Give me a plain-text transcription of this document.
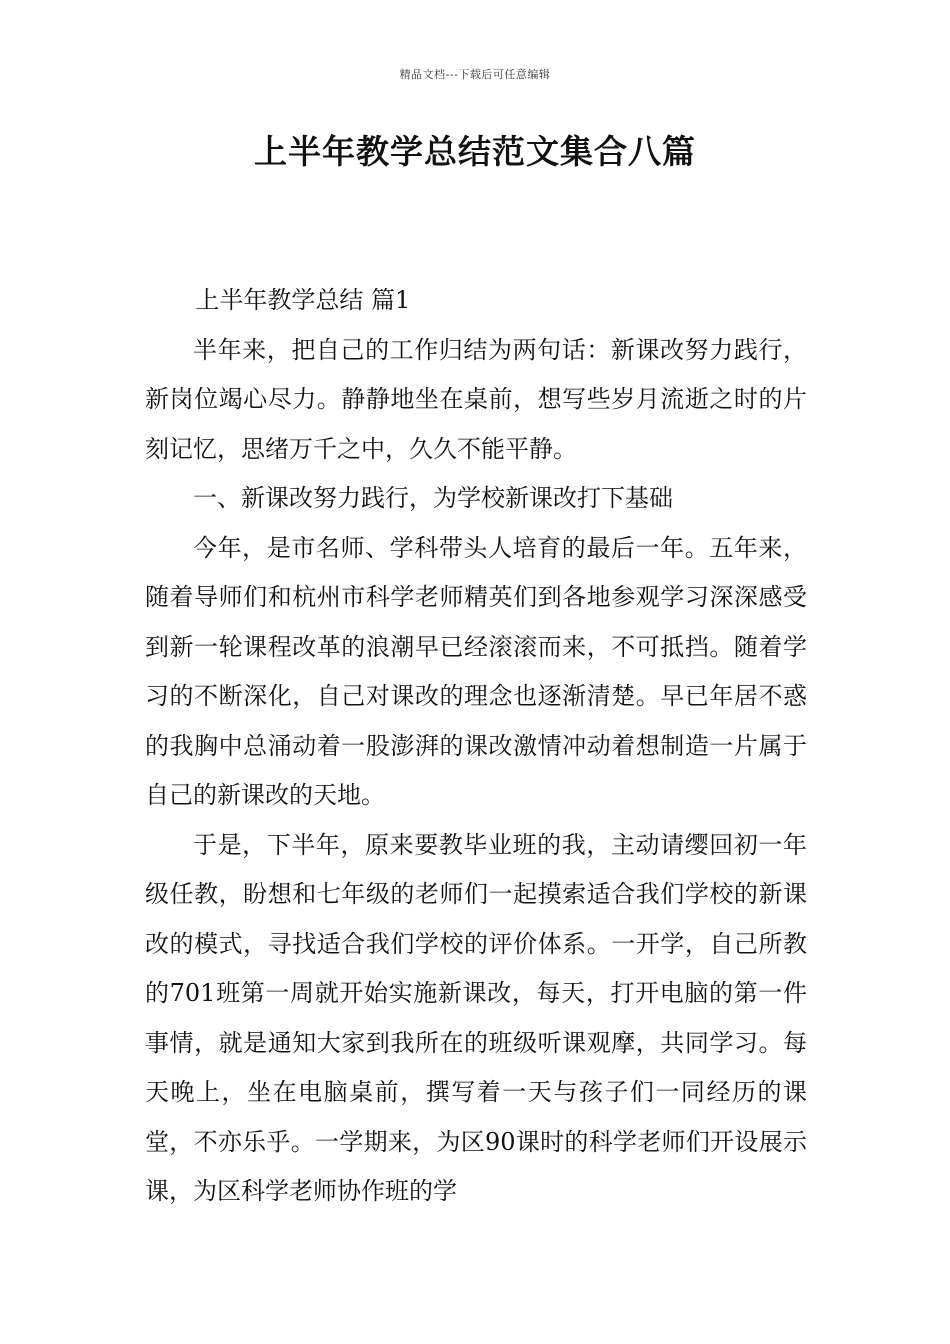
精品文档---下载后可任意编辑
上半年教学总结范文集合八篇

上半年教学总结 篇1

半年来，把自己的工作归结为两句话：新课改努力践行，新岗位竭心尽力。静静地坐在桌前，想写些岁月流逝之时的片刻记忆，思绪万千之中，久久不能平静。

一、新课改努力践行，为学校新课改打下基础

今年，是市名师、学科带头人培育的最后一年。五年来，随着导师们和杭州市科学老师精英们到各地参观学习深深感受到新一轮课程改革的浪潮早已经滚滚而来，不可抵挡。随着学习的不断深化，自己对课改的理念也逐渐清楚。早已年居不惑的我胸中总涌动着一股澎湃的课改激情冲动着想制造一片属于自己的新课改的天地。

于是，下半年，原来要教毕业班的我，主动请缨回初一年级任教，盼想和七年级的老师们一起摸索适合我们学校的新课改的模式，寻找适合我们学校的评价体系。一开学，自己所教的701班第一周就开始实施新课改，每天，打开电脑的第一件事情，就是通知大家到我所在的班级听课观摩，共同学习。每天晚上，坐在电脑桌前，撰写着一天与孩子们一同经历的课堂，不亦乐乎。一学期来，为区90课时的科学老师们开设展示课，为区科学老师协作班的学
